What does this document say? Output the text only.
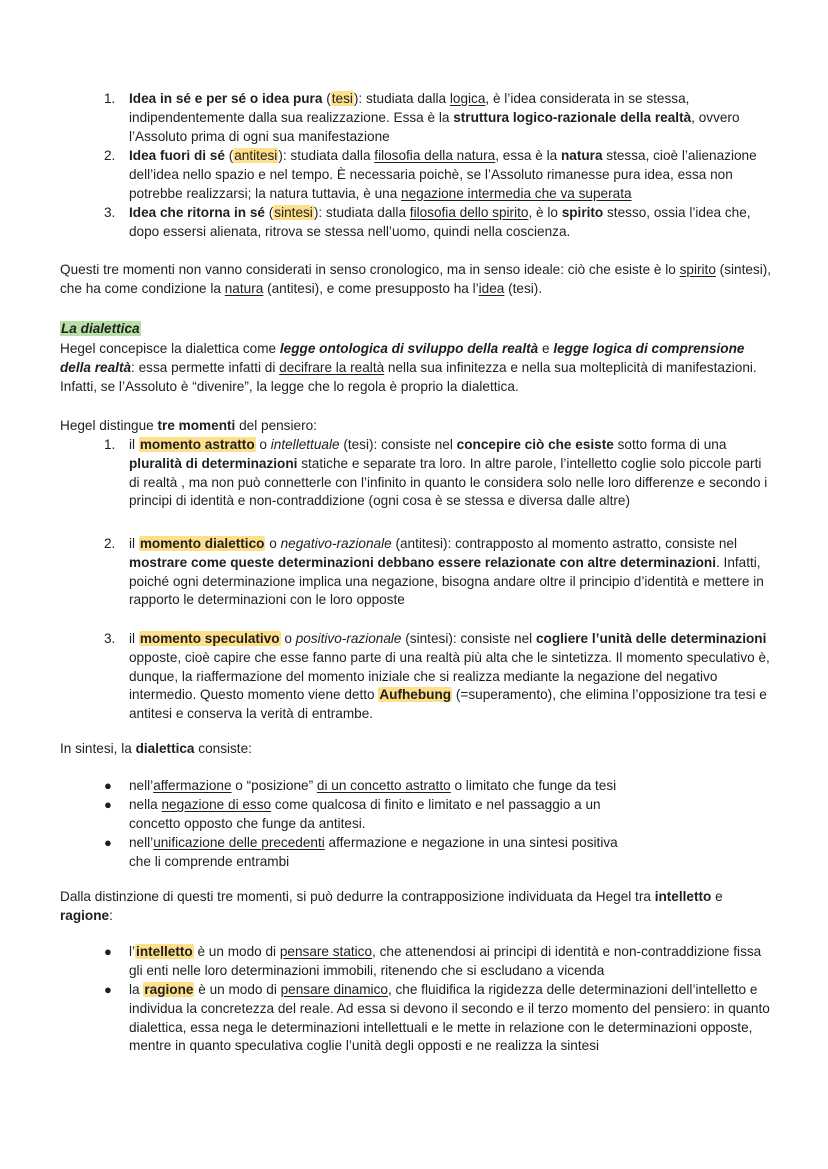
1.	Idea in sé e per sé o idea pura (tesi): studiata dalla logica, è l’idea considerata in se stessa, indipendentemente dalla sua realizzazione. Essa è la struttura logico-razionale della realtà, ovvero l’Assoluto prima di ogni sua manifestazione
2.	Idea fuori di sé (antitesi): studiata dalla filosofia della natura, essa è la natura stessa, cioè l’alienazione dell’idea nello spazio e nel tempo. È necessaria poichè, se l’Assoluto rimanesse pura idea, essa non potrebbe realizzarsi; la natura tuttavia, è una negazione intermedia che va superata
3.	Idea che ritorna in sé (sintesi): studiata dalla filosofia dello spirito, è lo spirito stesso, ossia l’idea che, dopo essersi alienata, ritrova se stessa nell’uomo, quindi nella coscienza.

Questi tre momenti non vanno considerati in senso cronologico, ma in senso ideale: ciò che esiste è lo spirito (sintesi), che ha come condizione la natura (antitesi), e come presupposto ha l’idea (tesi).

La dialettica

Hegel concepisce la dialettica come legge ontologica di sviluppo della realtà e legge logica di comprensione della realtà: essa permette infatti di decifrare la realtà nella sua infinitezza e nella sua molteplicità di manifestazioni. Infatti, se l’Assoluto è “divenire”, la legge che lo regola è proprio la dialettica.

Hegel distingue tre momenti del pensiero:

1.	il momento astratto o intellettuale (tesi): consiste nel concepire ciò che esiste sotto forma di una pluralità di determinazioni statiche e separate tra loro. In altre parole, l’intelletto coglie solo piccole parti di realtà , ma non può connetterle con l’infinito in quanto le considera solo nelle loro differenze e secondo i principi di identità e non-contraddizione (ogni cosa è se stessa e diversa dalle altre)
2.	il momento dialettico o negativo-razionale (antitesi): contrapposto al momento astratto, consiste nel mostrare come queste determinazioni debbano essere relazionate con altre determinazioni. Infatti, poiché ogni determinazione implica una negazione, bisogna andare oltre il principio d’identità e mettere in rapporto le determinazioni con le loro opposte
3.	il momento speculativo o positivo-razionale (sintesi): consiste nel cogliere l’unità delle determinazioni opposte, cioè capire che esse fanno parte di una realtà più alta che le sintetizza. Il momento speculativo è, dunque, la riaffermazione del momento iniziale che si realizza mediante la negazione del negativo intermedio. Questo momento viene detto Aufhebung (=superamento), che elimina l’opposizione tra tesi e antitesi e conserva la verità di entrambe.

In sintesi, la dialettica consiste:

●	nell’affermazione o “posizione” di un concetto astratto o limitato che funge da tesi
●	nella negazione di esso come qualcosa di finito e limitato e nel passaggio a un concetto opposto che funge da antitesi.
●	nell’unificazione delle precedenti affermazione e negazione in una sintesi positiva che li comprende entrambi

Dalla distinzione di questi tre momenti, si può dedurre la contrapposizione individuata da Hegel tra intelletto e ragione:

●	l’intelletto è un modo di pensare statico, che attenendosi ai principi di identità e non-contraddizione fissa gli enti nelle loro determinazioni immobili, ritenendo che si escludano a vicenda
●	la ragione è un modo di pensare dinamico, che fluidifica la rigidezza delle determinazioni dell’intelletto e individua la concretezza del reale. Ad essa si devono il secondo e il terzo momento del pensiero: in quanto dialettica, essa nega le determinazioni intellettuali e le mette in relazione con le determinazioni opposte, mentre in quanto speculativa coglie l’unità degli opposti e ne realizza la sintesi
